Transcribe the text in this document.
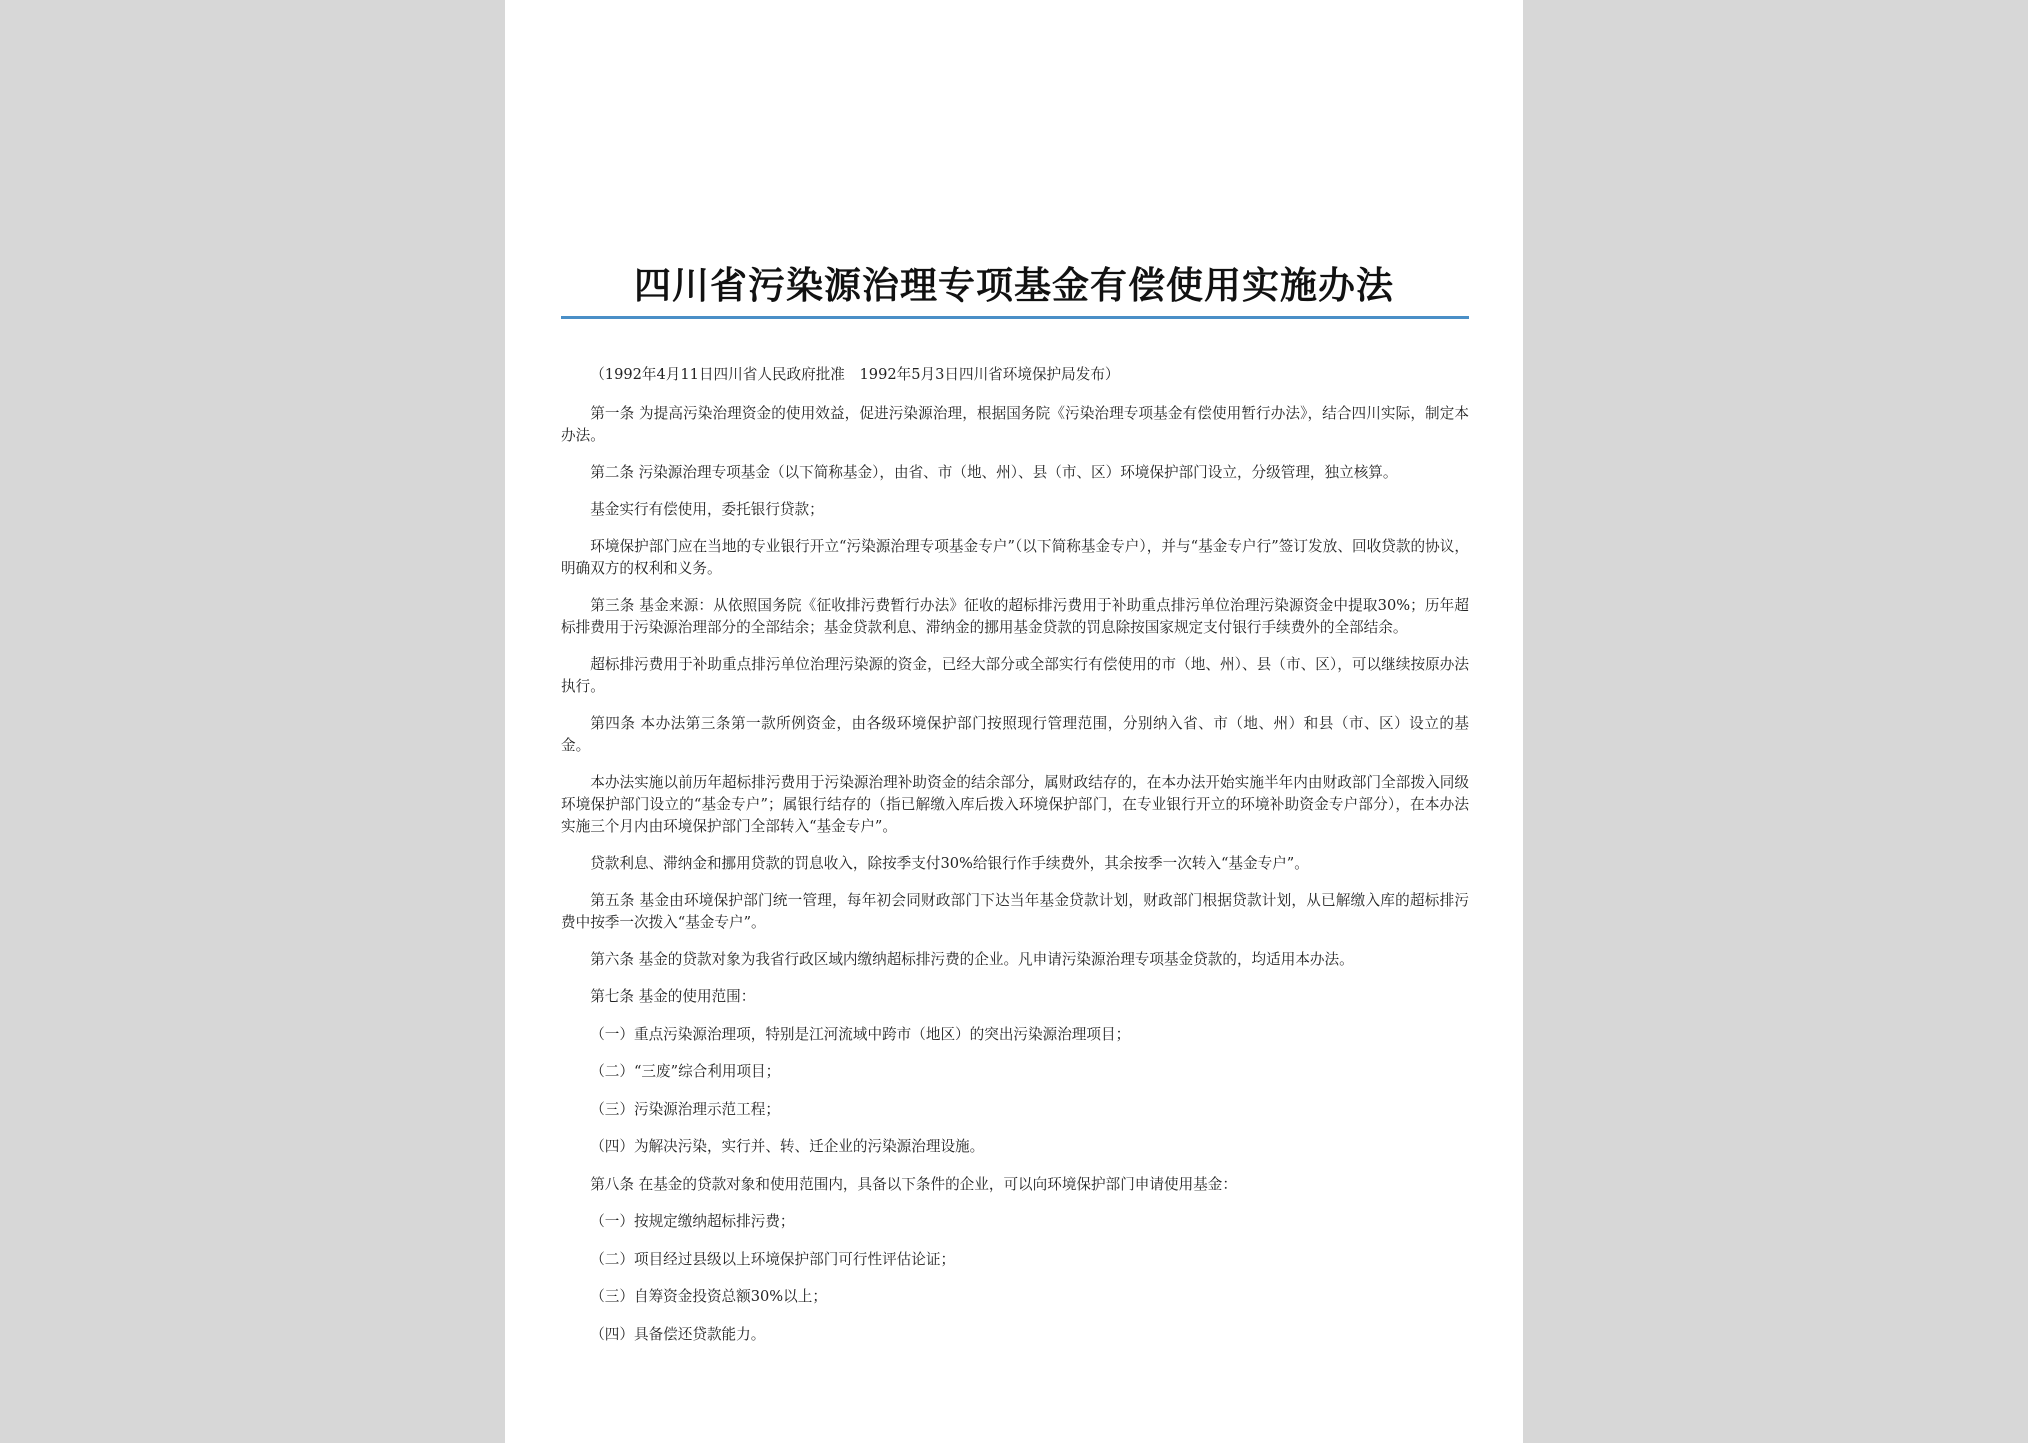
四川省污染源治理专项基金有偿使用实施办法

（1992年4月11日四川省人民政府批准　1992年5月3日四川省环境保护局发布）

第一条 为提高污染治理资金的使用效益，促进污染源治理，根据国务院《污染治理专项基金有偿使用暂行办法》，结合四川实际，制定本办法。

第二条 污染源治理专项基金（以下简称基金），由省、市（地、州）、县（市、区）环境保护部门设立，分级管理，独立核算。

基金实行有偿使用，委托银行贷款；

环境保护部门应在当地的专业银行开立“污染源治理专项基金专户”（以下简称基金专户），并与“基金专户行”签订发放、回收贷款的协议，明确双方的权利和义务。

第三条 基金来源：从依照国务院《征收排污费暂行办法》征收的超标排污费用于补助重点排污单位治理污染源资金中提取30%；历年超标排费用于污染源治理部分的全部结余；基金贷款利息、滞纳金的挪用基金贷款的罚息除按国家规定支付银行手续费外的全部结余。

超标排污费用于补助重点排污单位治理污染源的资金，已经大部分或全部实行有偿使用的市（地、州）、县（市、区），可以继续按原办法执行。

第四条 本办法第三条第一款所例资金，由各级环境保护部门按照现行管理范围，分别纳入省、市（地、州）和县（市、区）设立的基金。

本办法实施以前历年超标排污费用于污染源治理补助资金的结余部分，属财政结存的，在本办法开始实施半年内由财政部门全部拨入同级环境保护部门设立的“基金专户”；属银行结存的（指已解缴入库后拨入环境保护部门，在专业银行开立的环境补助资金专户部分），在本办法实施三个月内由环境保护部门全部转入“基金专户”。

贷款利息、滞纳金和挪用贷款的罚息收入，除按季支付30%给银行作手续费外，其余按季一次转入“基金专户”。

第五条 基金由环境保护部门统一管理，每年初会同财政部门下达当年基金贷款计划，财政部门根据贷款计划，从已解缴入库的超标排污费中按季一次拨入“基金专户”。

第六条 基金的贷款对象为我省行政区域内缴纳超标排污费的企业。凡申请污染源治理专项基金贷款的，均适用本办法。

第七条 基金的使用范围：

（一）重点污染源治理项，特别是江河流域中跨市（地区）的突出污染源治理项目；

（二）“三废”综合利用项目；

（三）污染源治理示范工程；

（四）为解决污染，实行并、转、迁企业的污染源治理设施。

第八条 在基金的贷款对象和使用范围内，具备以下条件的企业，可以向环境保护部门申请使用基金：

（一）按规定缴纳超标排污费；

（二）项目经过县级以上环境保护部门可行性评估论证；

（三）自筹资金投资总额30%以上；

（四）具备偿还贷款能力。
